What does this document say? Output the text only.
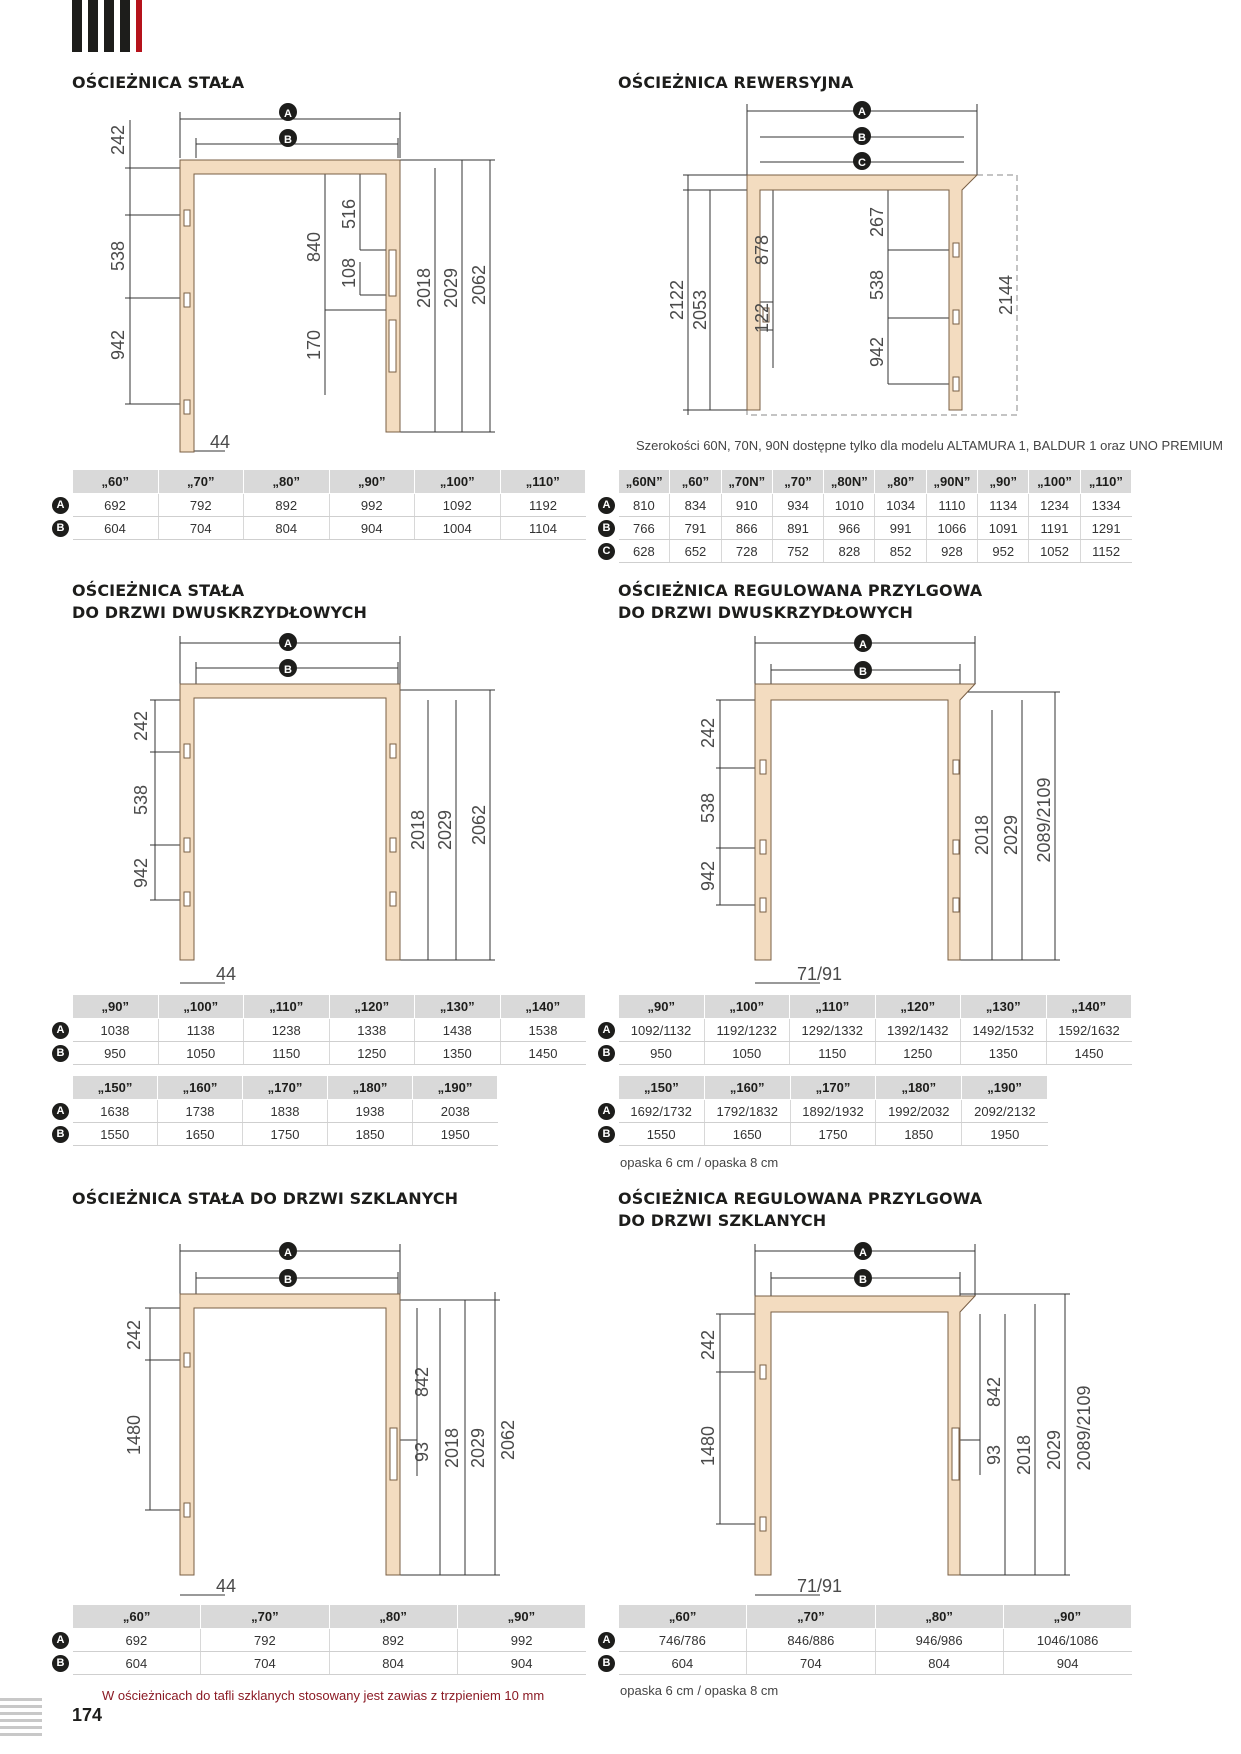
OŚCIEŻNICA STAŁA	OŚCIEŻNICA REWERSYJNA
OŚCIEŻNICA STAŁA
DO DRZWI DWUSKRZYDŁOWYCH
OŚCIEŻNICA REGULOWANA PRZYLGOWA
DO DRZWI DWUSKRZYDŁOWYCH
OŚCIEŻNICA STAŁA DO DRZWI SZKLANYCH	OŚCIEŻNICA REGULOWANA PRZYLGOWA
DO DRZWI SZKLANYCH
A
B
242
538
942
840
516
108
170
2018 2029 2062
44
A
B
C
2122 2053
878
122
267
538
942
2144
Szerokości 60N, 70N, 90N dostępne tylko dla modelu ALTAMURA 1, BALDUR 1 oraz UNO PREMIUM
A
B
242
538
942
2018 2029 2062
44
A
B
242
538
942
2018 2029 2089/2109
71/91
A
B
242
1480
842
93 2018 2029 2062
44
A
B
242
1480
842
93 2018 2029 2089/2109
71/91
	„60”	„70”	„80”	„90”	„100”	„110”
A	692	792	892	992	1092	1192
B	604	704	804	904	1004	1104
	„60N”	„60”	„70N”	„70”	„80N”	„80”	„90N”	„90”	„100”	„110”
A	810	834	910	934	1010	1034	1110	1134	1234	1334
B	766	791	866	891	966	991	1066	1091	1191	1291
C	628	652	728	752	828	852	928	952	1052	1152
	„90”	„100”	„110”	„120”	„130”	„140”
A	1038	1138	1238	1338	1438	1538
B	950	1050	1150	1250	1350	1450
	„150”	„160”	„170”	„180”	„190”
A	1638	1738	1838	1938	2038
B	1550	1650	1750	1850	1950
	„90”	„100”	„110”	„120”	„130”	„140”
A	1092/1132	1192/1232	1292/1332	1392/1432	1492/1532	1592/1632
B	950	1050	1150	1250	1350	1450
	„150”	„160”	„170”	„180”	„190”
A	1692/1732	1792/1832	1892/1932	1992/2032	2092/2132
B	1550	1650	1750	1850	1950
	„60”	„70”	„80”	„90”
A	692	792	892	992
B	604	704	804	904
	„60”	„70”	„80”	„90”
A	746/786	846/886	946/986	1046/1086
B	604	704	804	904
opaska 6 cm / opaska 8 cm
W ościeżnicach do tafli szklanych stosowany jest zawias z trzpieniem 10 mm	opaska 6 cm / opaska 8 cm
174
